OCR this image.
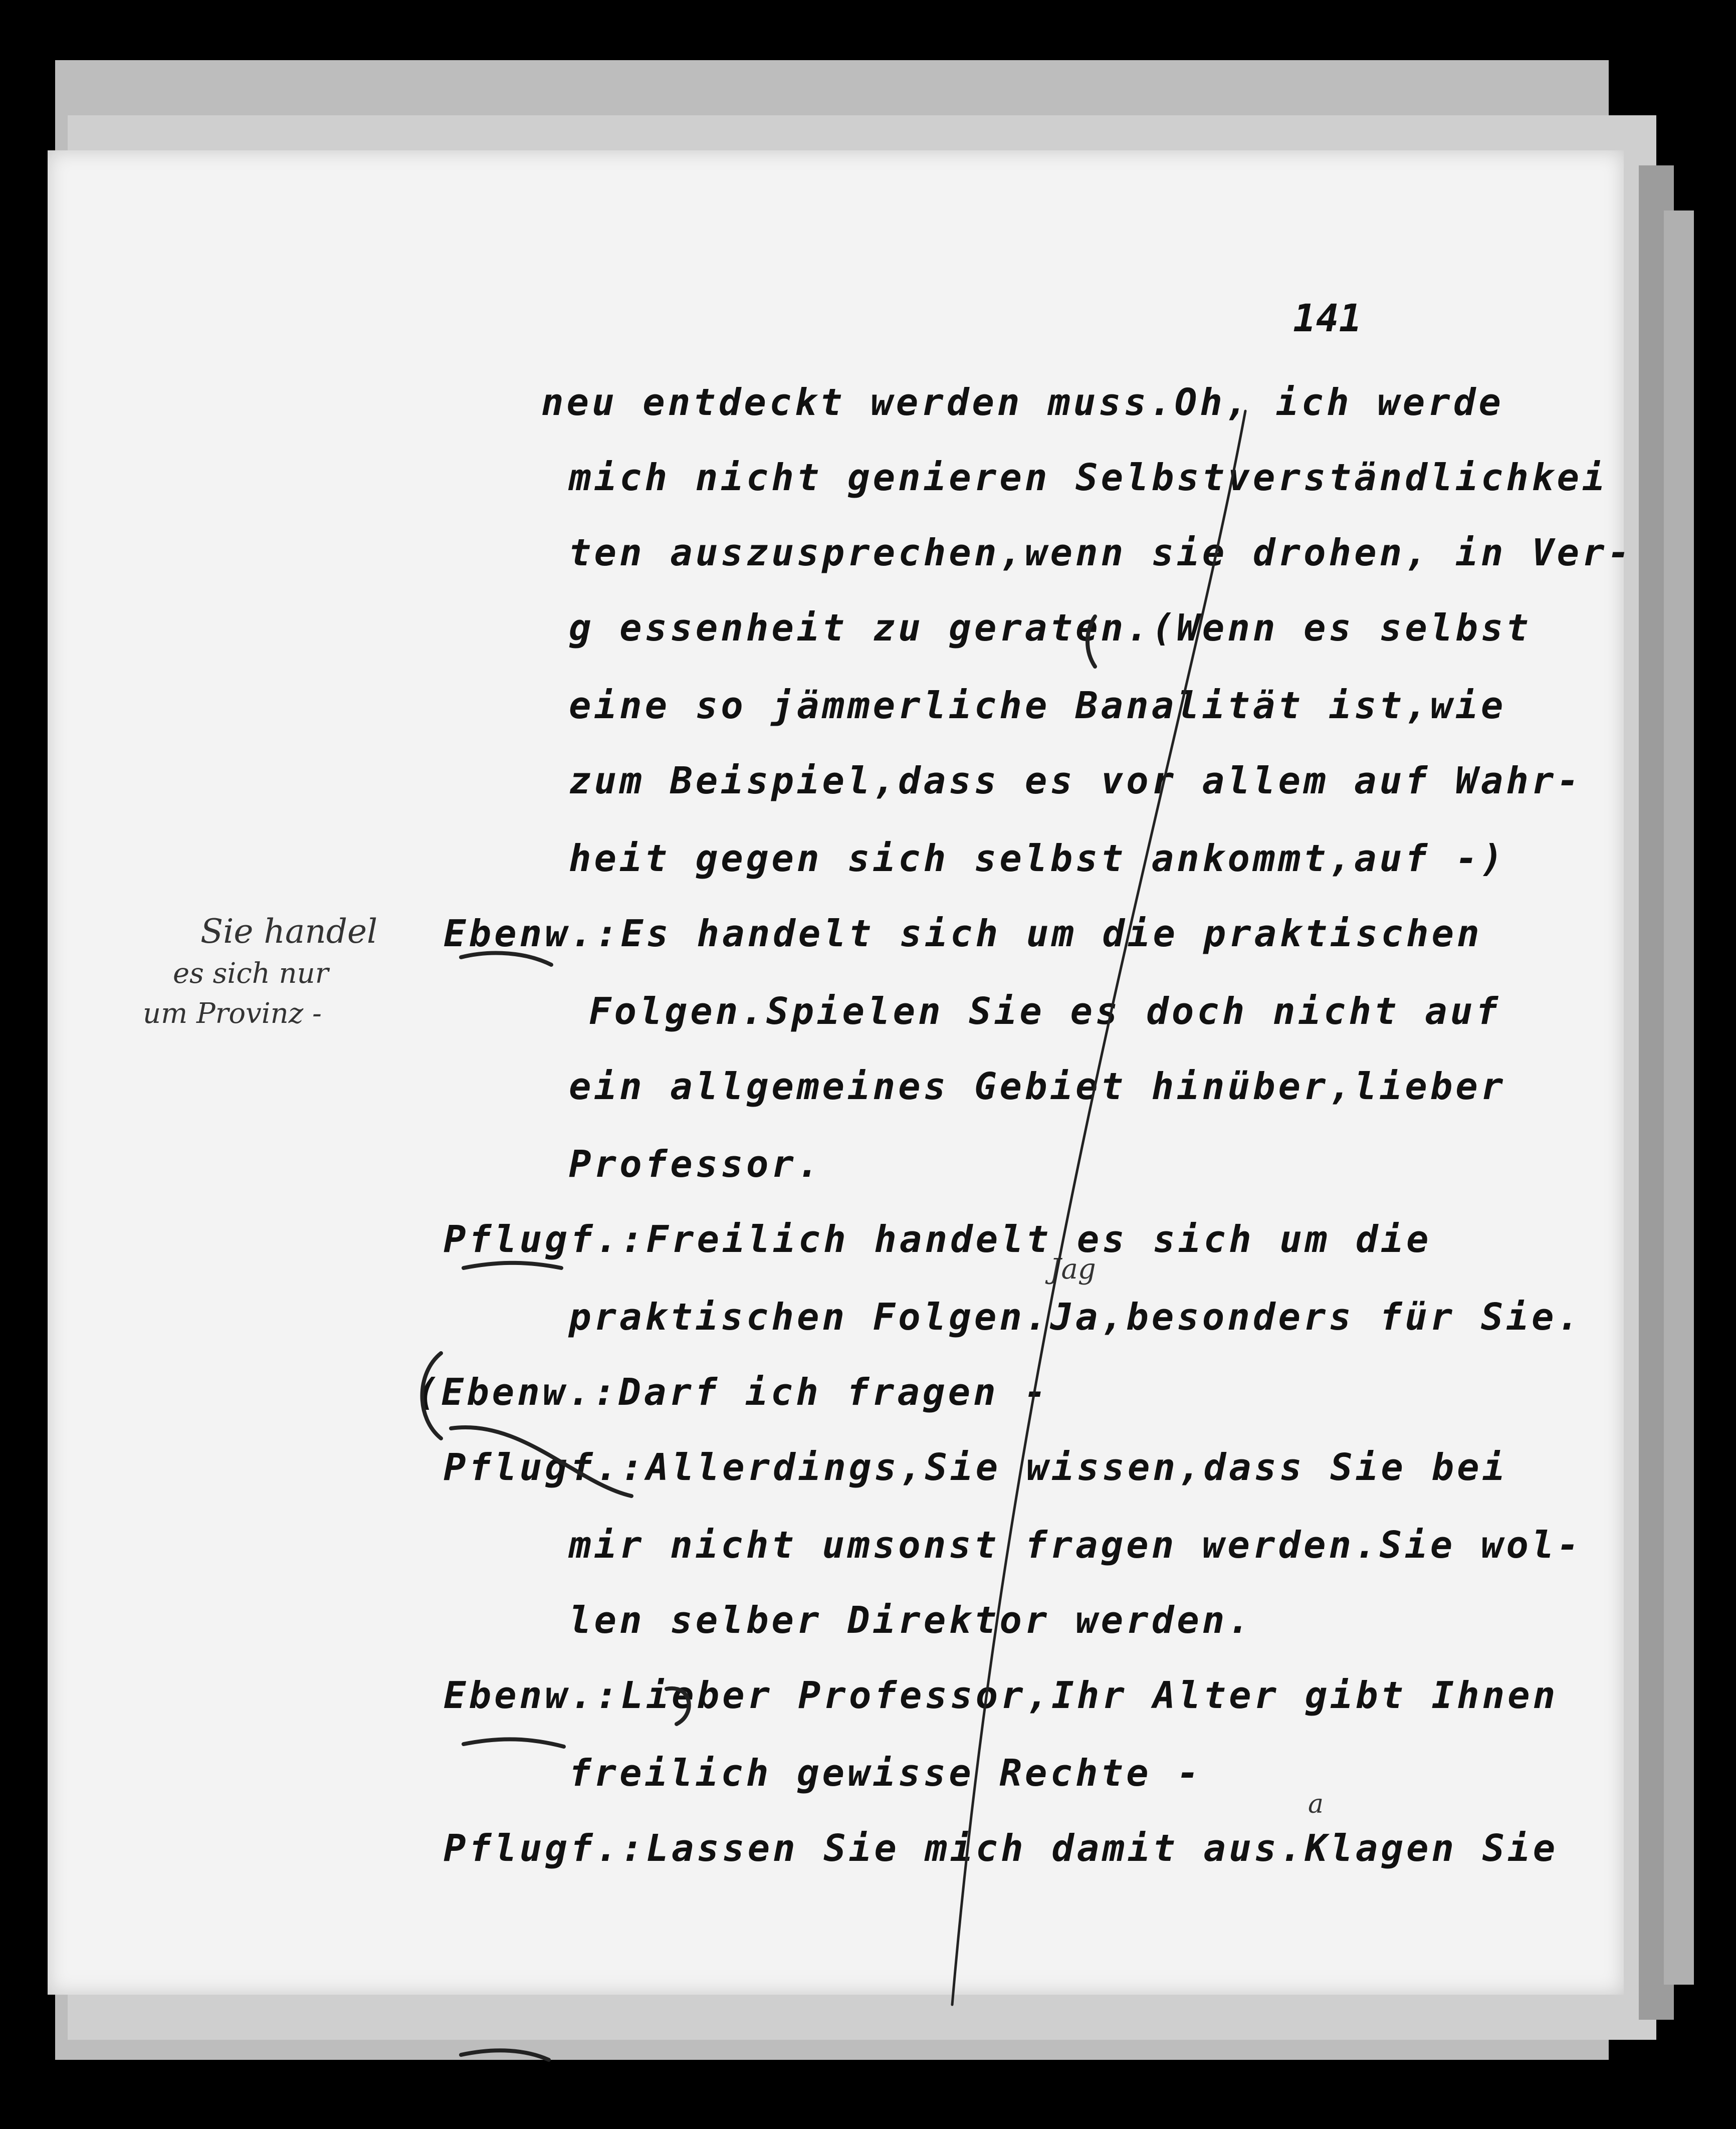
141
neu entdeckt werden muss.Oh, ich werde
mich nicht genieren Selbstverständlichkei
ten auszusprechen,wenn sie drohen, in Ver-
g essenheit zu geraten.(Wenn es selbst
eine so jämmerliche Banalität ist,wie
zum Beispiel,dass es vor allem auf Wahr-
heit gegen sich selbst ankommt,auf -)
Ebenw.:Es handelt sich um die praktischen
Folgen.Spielen Sie es doch nicht auf
ein allgemeines Gebiet hinüber,lieber
Professor.
Pflugf.:Freilich handelt es sich um die
praktischen Folgen.Ja,besonders für Sie.
(Ebenw.:Darf ich fragen -
Pflugf.:Allerdings,Sie wissen,dass Sie bei
mir nicht umsonst fragen werden.Sie wol-
len selber Direktor werden.
Ebenw.:Lieber Professor,Ihr Alter gibt Ihnen
freilich gewisse Rechte -
Pflugf.:Lassen Sie mich damit aus.Klagen Sie
Sie handel
es sich nur
um Provinz -
Jag
a
